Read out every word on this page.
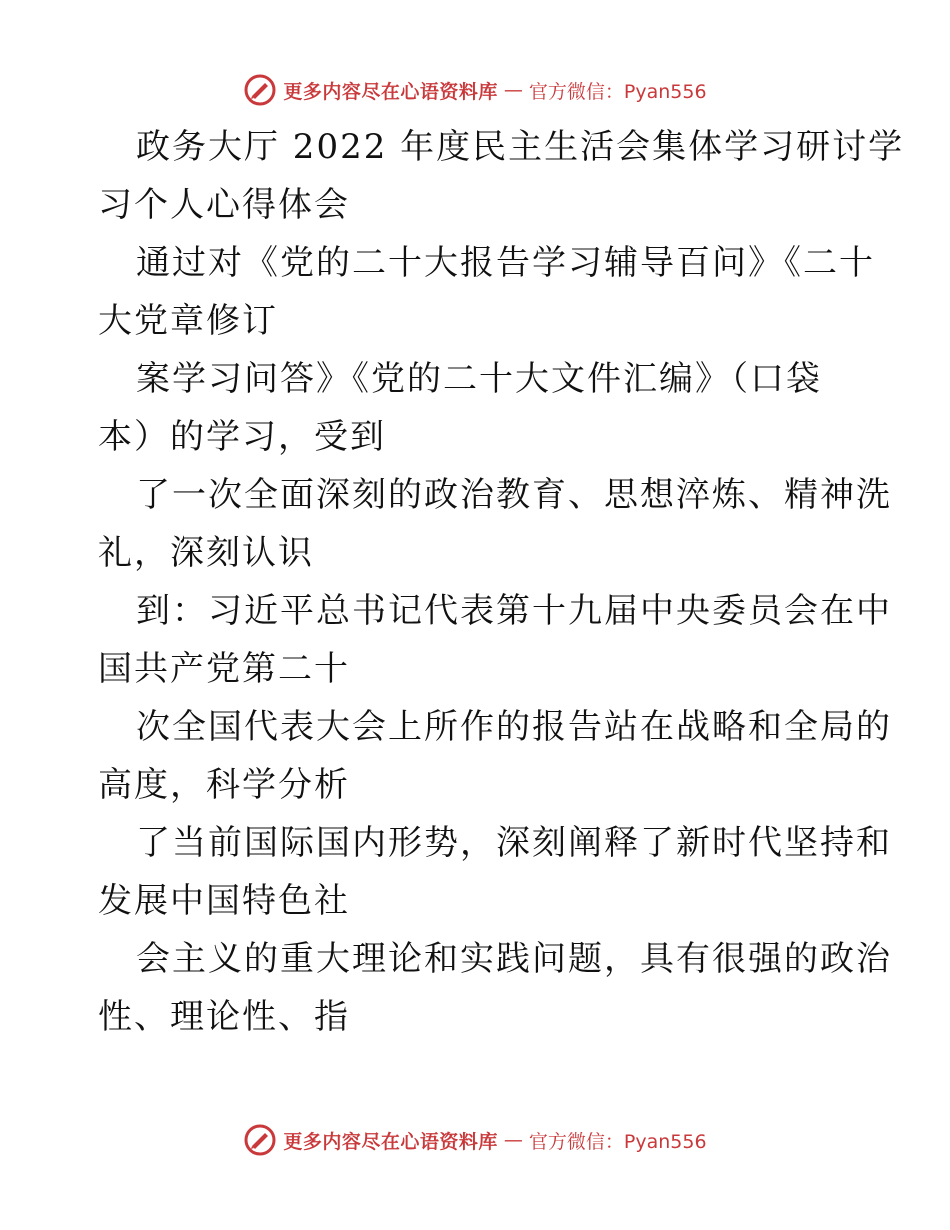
更多内容尽在心语资料库 — 官方微信：Pyan556
政务大厅 2022 年度民主生活会集体学习研讨学
习个人心得体会
通过对《党的二十大报告学习辅导百问》《二十
大党章修订
案学习问答》《党的二十大文件汇编》（口袋
本）的学习，受到
了一次全面深刻的政治教育、思想淬炼、精神洗
礼，深刻认识
到：习近平总书记代表第十九届中央委员会在中
国共产党第二十
次全国代表大会上所作的报告站在战略和全局的
高度，科学分析
了当前国际国内形势，深刻阐释了新时代坚持和
发展中国特色社
会主义的重大理论和实践问题，具有很强的政治
性、理论性、指
更多内容尽在心语资料库 — 官方微信：Pyan556
